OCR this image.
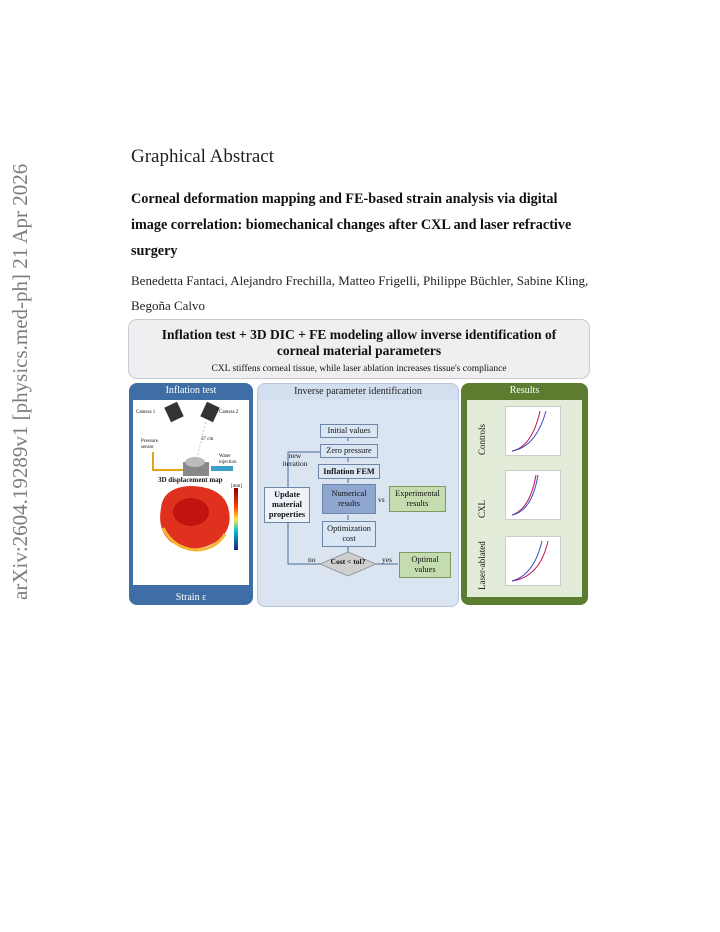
arXiv:2604.19289v1 [physics.med-ph] 21 Apr 2026
Graphical Abstract
Corneal deformation mapping and FE-based strain analysis via digital image correlation: biomechanical changes after CXL and laser refractive surgery
Benedetta Fantaci, Alejandro Frechilla, Matteo Frigelli, Philippe Büchler, Sabine Kling, Begoña Calvo
Inflation test + 3D DIC + FE modeling allow inverse identification of corneal material parameters
CXL stiffens corneal tissue, while laser ablation increases tissue's compliance
Inflation test
Camera 1	Camera 2
37 cm
Pressure sensor
Water injection
3D displacement map
[mm]
Strain ε
Inverse parameter identification
new iteration
Initial values
Zero pressure
Inflation FEM
Numerical results	vs
Experimental results
Update material properties
Optimization cost
Cost < tol?
no	yes	Optimal values
Results
Controls
CXL
Laser-ablated
